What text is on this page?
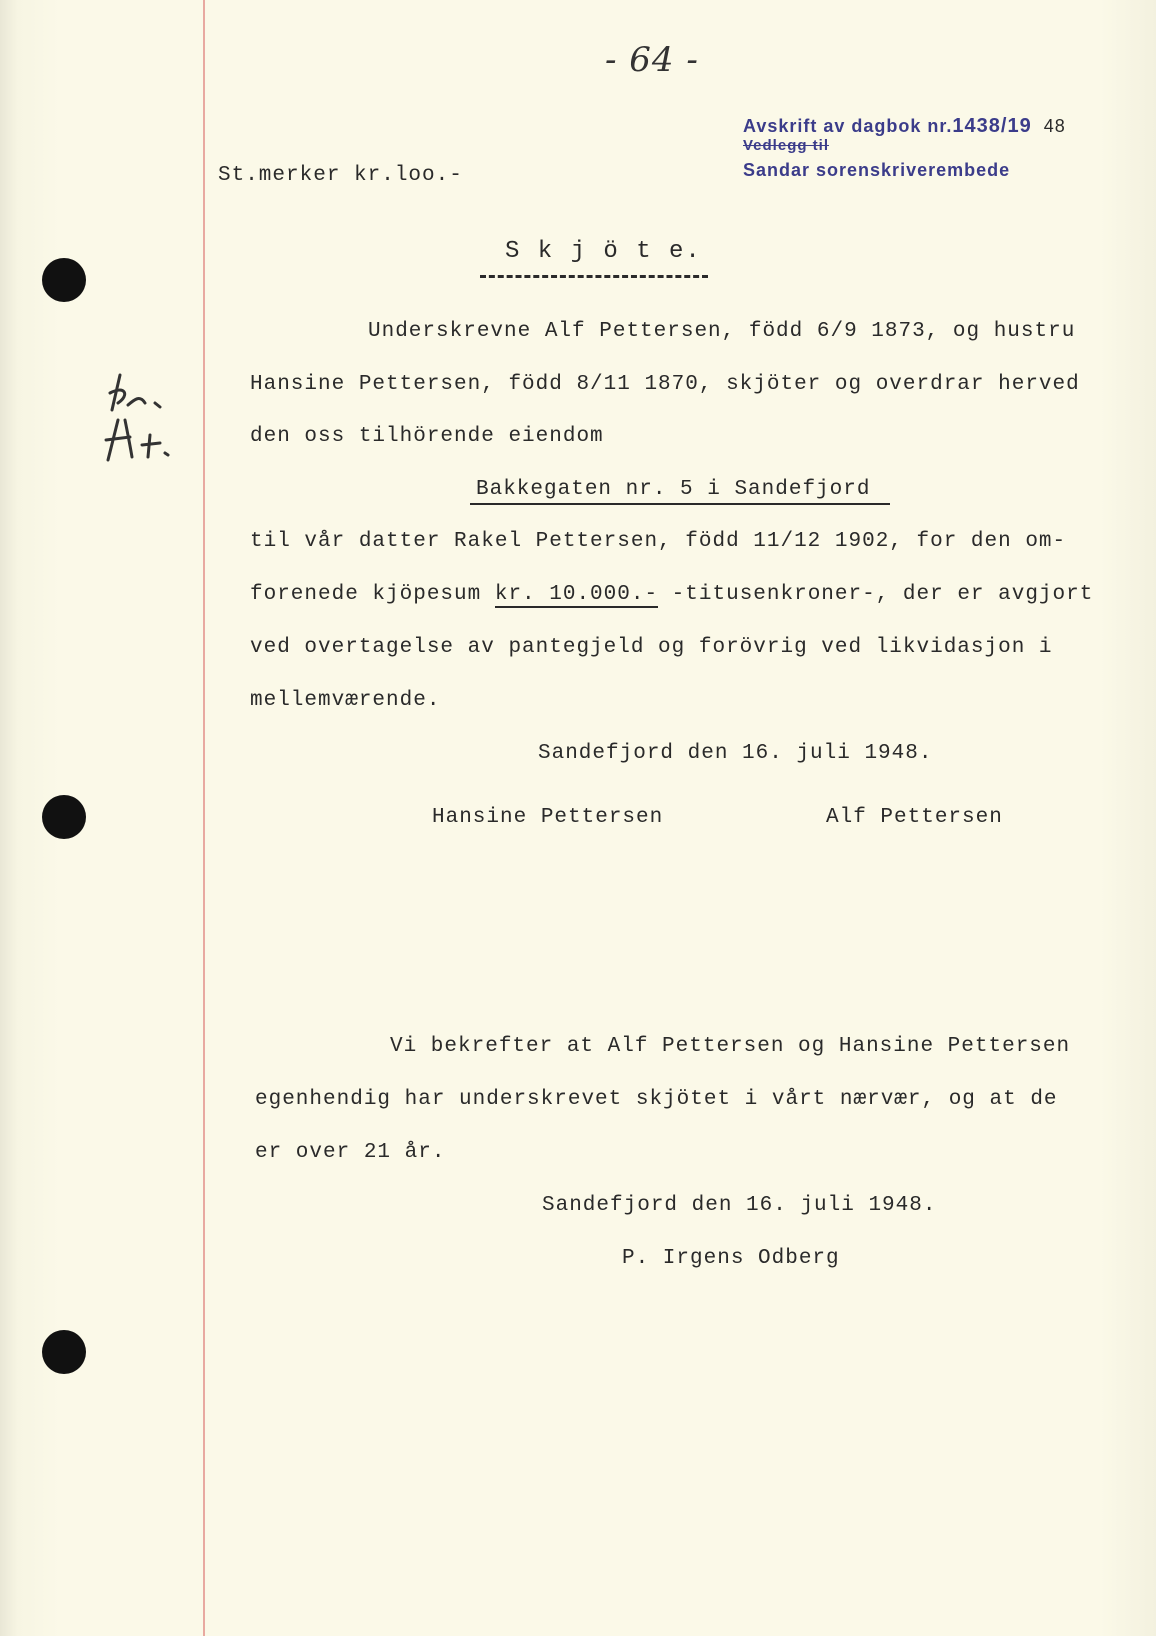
- 64 -
Avskrift av dagbok nr.1438/19 48
Vedlegg til
Sandar sorenskriverembede
St.merker kr.loo.-
S k j ö t e.
Underskrevne Alf Pettersen, född 6/9 1873, og hustru
Hansine Pettersen, född 8/11 1870, skjöter og overdrar herved
den oss tilhörende eiendom
Bakkegaten nr. 5 i Sandefjord
til vår datter Rakel Pettersen, född 11/12 1902, for den om-
forenede kjöpesum kr. 10.000.- -titusenkroner-, der er avgjort
ved overtagelse av pantegjeld og forövrig ved likvidasjon i
mellemværende.
Sandefjord den 16. juli 1948.
Hansine Pettersen	Alf Pettersen
Vi bekrefter at Alf Pettersen og Hansine Pettersen
egenhendig har underskrevet skjötet i vårt nærvær, og at de
er over 21 år.
Sandefjord den 16. juli 1948.
P. Irgens Odberg
